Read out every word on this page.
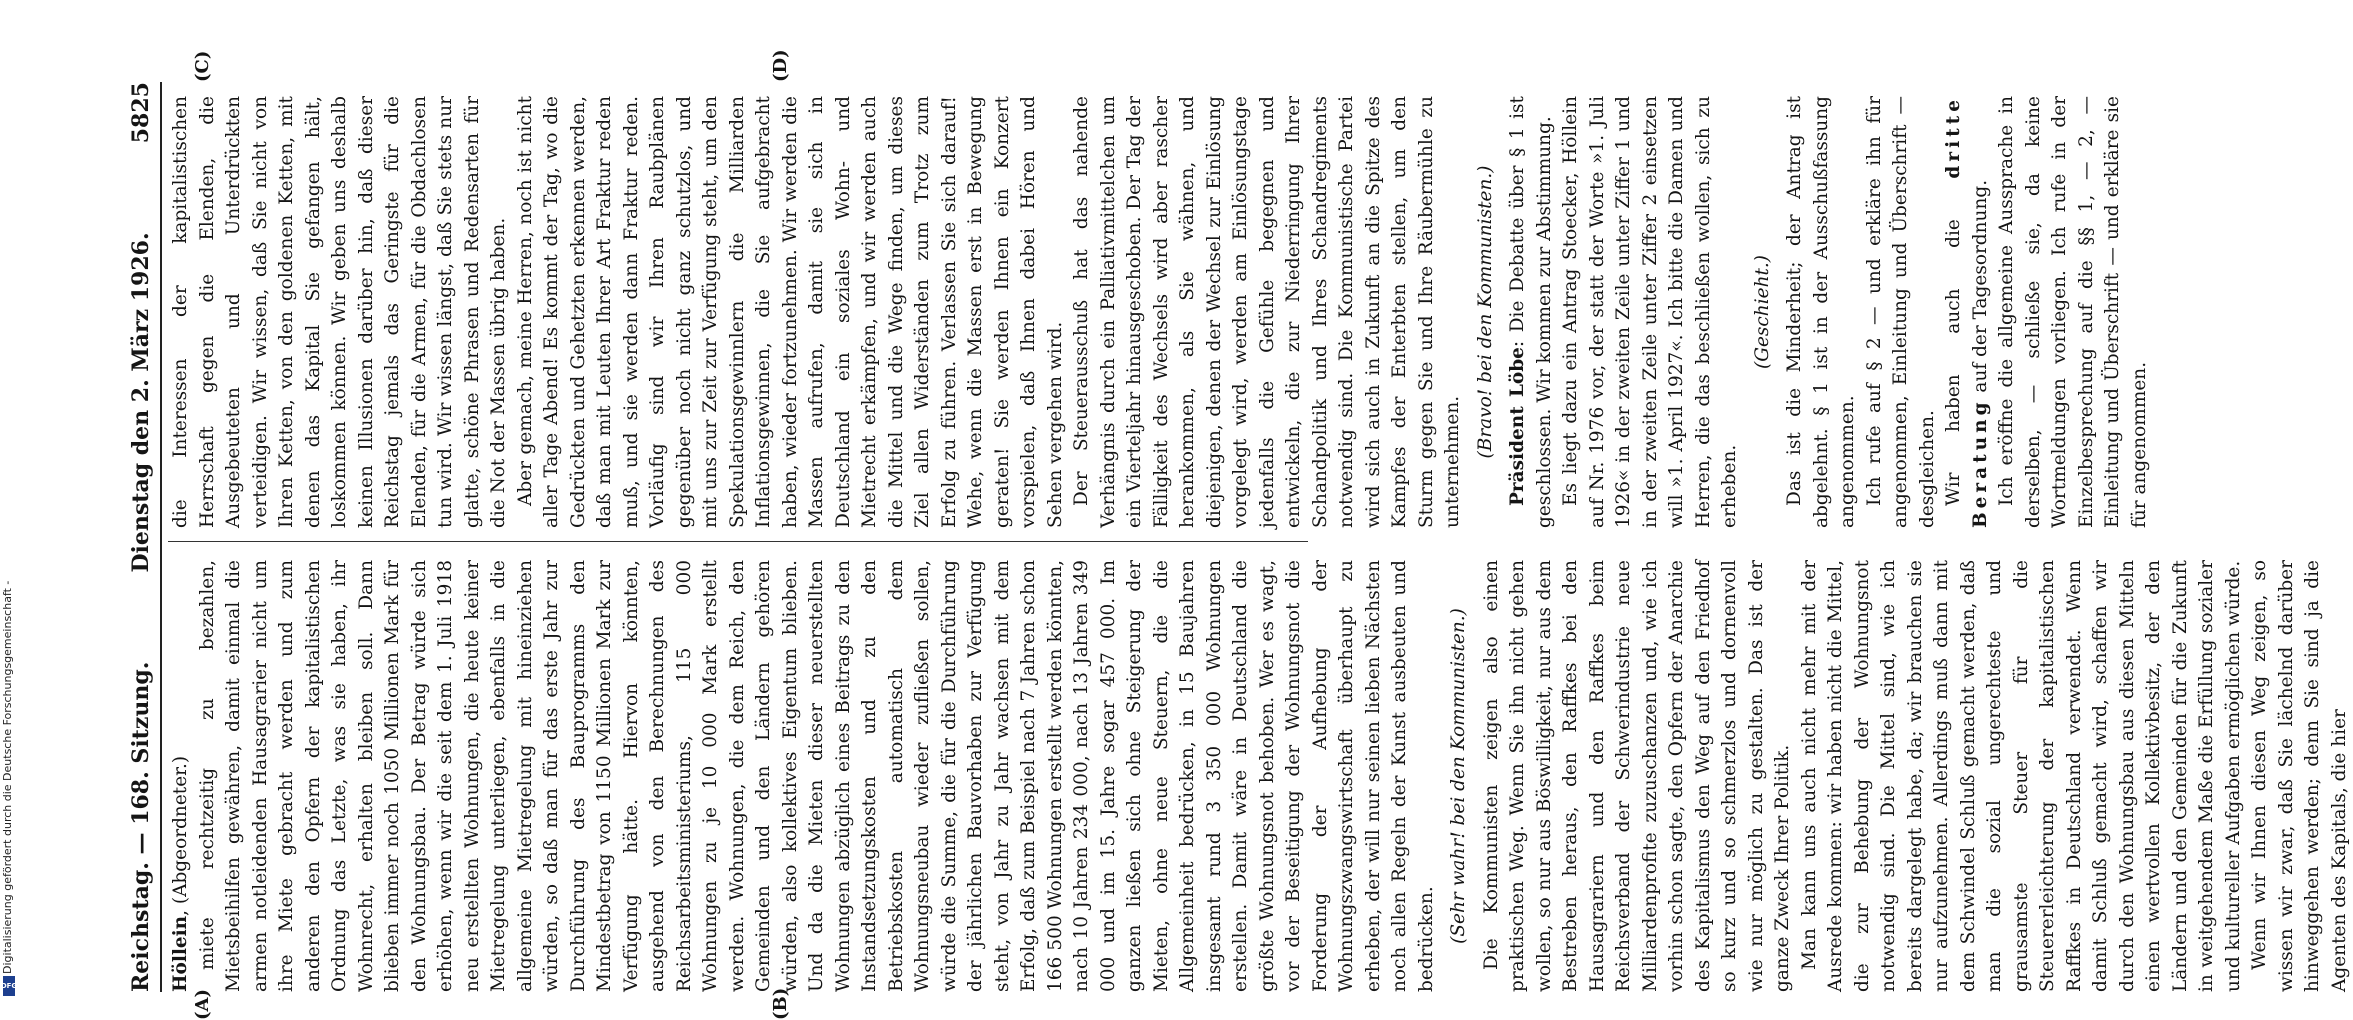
Digitalisierung gefördert durch die Deutsche Forschungsgemeinschaft -
DFG	Reichstag. — 168. Sitzung.
Dienstag den 2. März 1926.
5825
(A)	(B)
(C)	(D)

Höllein, (Abgeordneter.) miete rechtzeitig zu bezahlen, Mietsbeihilfen gewähren, damit einmal die armen notleidenden Hausagrarier nicht um ihre Miete gebracht werden und zum anderen den Opfern der kapitalistischen Ordnung das Letzte, was sie haben, ihr Wohnrecht, erhalten bleiben soll. Dann blieben immer noch 1050 Millionen Mark für den Wohnungsbau. Der Betrag würde sich erhöhen, wenn wir die seit dem 1. Juli 1918 neu erstellten Wohnungen, die heute keiner Mietregelung unterliegen, ebenfalls in die allgemeine Mietregelung mit hineinziehen würden, so daß man für das erste Jahr zur Durchführung des Bauprogramms den Mindestbetrag von 1150 Millionen Mark zur Verfügung hätte. Hiervon könnten, ausgehend von den Berechnungen des Reichsarbeitsministeriums, 115 000 Wohnungen zu je 10 000 Mark erstellt werden. Wohnungen, die dem Reich, den Gemeinden und den Ländern gehören würden, also kollektives Eigentum blieben. Und da die Mieten dieser neuerstellten Wohnungen abzüglich eines Beitrags zu den Instandsetzungskosten und zu den Betriebskosten automatisch dem Wohnungsneubau wieder zufließen sollen, würde die Summe, die für die Durchführung der jährlichen Bauvorhaben zur Verfügung steht, von Jahr zu Jahr wachsen mit dem Erfolg, daß zum Beispiel nach 7 Jahren schon 166 500 Wohnungen erstellt werden könnten, nach 10 Jahren 234 000, nach 13 Jahren 349 000 und im 15. Jahre sogar 457 000. Im ganzen ließen sich ohne Steigerung der Mieten, ohne neue Steuern, die die Allgemeinheit bedrücken, in 15 Baujahren insgesamt rund 3 350 000 Wohnungen erstellen. Damit wäre in Deutschland die größte Wohnungsnot behoben. Wer es wagt, vor der Beseitigung der Wohnungsnot die Forderung der Aufhebung der Wohnungszwangswirtschaft überhaupt zu erheben, der will nur seinen lieben Nächsten noch allen Regeln der Kunst ausbeuten und bedrücken. (Sehr wahr! bei den Kommunisten.) Die Kommunisten zeigen also einen praktischen Weg. Wenn Sie ihn nicht gehen wollen, so nur aus Böswilligkeit, nur aus dem Bestreben heraus, den Raffkes bei den Hausagrariern und den Raffkes beim Reichsverband der Schwerindustrie neue Milliardenprofite zuzuschanzen und, wie ich vorhin schon sagte, den Opfern der Anarchie des Kapitalismus den Weg auf den Friedhof so kurz und so schmerzlos und dornenvoll wie nur möglich zu gestalten. Das ist der ganze Zweck Ihrer Politik. Man kann uns auch nicht mehr mit der Ausrede kommen: wir haben nicht die Mittel, die zur Behebung der Wohnungsnot notwendig sind. Die Mittel sind, wie ich bereits dargelegt habe, da; wir brauchen sie nur aufzunehmen. Allerdings muß dann mit dem Schwindel Schluß gemacht werden, daß man die sozial ungerechteste und grausamste Steuer für die Steuererleichterung der kapitalistischen Raffkes in Deutschland verwendet. Wenn damit Schluß gemacht wird, schaffen wir durch den Wohnungsbau aus diesen Mitteln einen wertvollen Kollektivbesitz, der den Ländern und den Gemeinden für die Zukunft in weitgehendem Maße die Erfüllung sozialer und kultureller Aufgaben ermöglichen würde. Wenn wir Ihnen diesen Weg zeigen, so wissen wir zwar, daß Sie lächelnd darüber hinweggehen werden; denn Sie sind ja die Agenten des Kapitals, die hier

die Interessen der kapitalistischen Herrschaft gegen die Elenden, die Ausgebeuteten und Unterdrückten verteidigen. Wir wissen, daß Sie nicht von Ihren Ketten, von den goldenen Ketten, mit denen das Kapital Sie gefangen hält, loskommen können. Wir geben uns deshalb keinen Illusionen darüber hin, daß dieser Reichstag jemals das Geringste für die Elenden, für die Armen, für die Obdachlosen tun wird. Wir wissen längst, daß Sie stets nur glatte, schöne Phrasen und Redensarten für die Not der Massen übrig haben. Aber gemach, meine Herren, noch ist nicht aller Tage Abend! Es kommt der Tag, wo die Gedrückten und Gehetzten erkennen werden, daß man mit Leuten Ihrer Art Fraktur reden muß, und sie werden dann Fraktur reden. Vorläufig sind wir Ihren Raubplänen gegenüber noch nicht ganz schutzlos, und mit uns zur Zeit zur Verfügung steht, um den Spekulationsgewinnlern die Milliarden Inflationsgewinnen, die Sie aufgebracht haben, wieder fortzunehmen. Wir werden die Massen aufrufen, damit sie sich in Deutschland ein soziales Wohn- und Mietrecht erkämpfen, und wir werden auch die Mittel und die Wege finden, um dieses Ziel allen Widerständen zum Trotz zum Erfolg zu führen. Verlassen Sie sich darauf! Wehe, wenn die Massen erst in Bewegung geraten! Sie werden Ihnen ein Konzert vorspielen, daß Ihnen dabei Hören und Sehen vergehen wird. Der Steuerausschuß hat das nahende Verhängnis durch ein Palliativmittelchen um ein Vierteljahr hinausgeschoben. Der Tag der Fälligkeit des Wechsels wird aber rascher herankommen, als Sie wähnen, und diejenigen, denen der Wechsel zur Einlösung vorgelegt wird, werden am Einlösungstage jedenfalls die Gefühle begegnen und entwickeln, die zur Niederringung Ihrer Schandpolitik und Ihres Schandregiments notwendig sind. Die Kommunistische Partei wird sich auch in Zukunft an die Spitze des Kampfes der Enterbten stellen, um den Sturm gegen Sie und Ihre Räubermühle zu unternehmen.

(Bravo! bei den Kommunisten.) Präsident Löbe: Die Debatte über § 1 ist geschlossen. Wir kommen zur Abstimmung. Es liegt dazu ein Antrag Stoecker, Höllein auf Nr. 1976 vor, der statt der Worte »1. Juli 1926« in der zweiten Zeile unter Ziffer 1 und in der zweiten Zeile unter Ziffer 2 einsetzen will »1. April 1927«. Ich bitte die Damen und Herren, die das beschließen wollen, sich zu erheben.

(Geschieht.) Das ist die Minderheit; der Antrag ist abgelehnt. § 1 ist in der Ausschußfassung angenommen. Ich rufe auf § 2 — und erkläre ihn für angenommen, Einleitung und Überschrift — desgleichen. Wir haben auch die dritte Beratung auf der Tagesordnung. Ich eröffne die allgemeine Aussprache in derselben, — schließe sie, da keine Wortmeldungen vorliegen. Ich rufe in der Einzelbesprechung auf die §§ 1, — 2, — Einleitung und Überschrift — und erkläre sie für angenommen.
